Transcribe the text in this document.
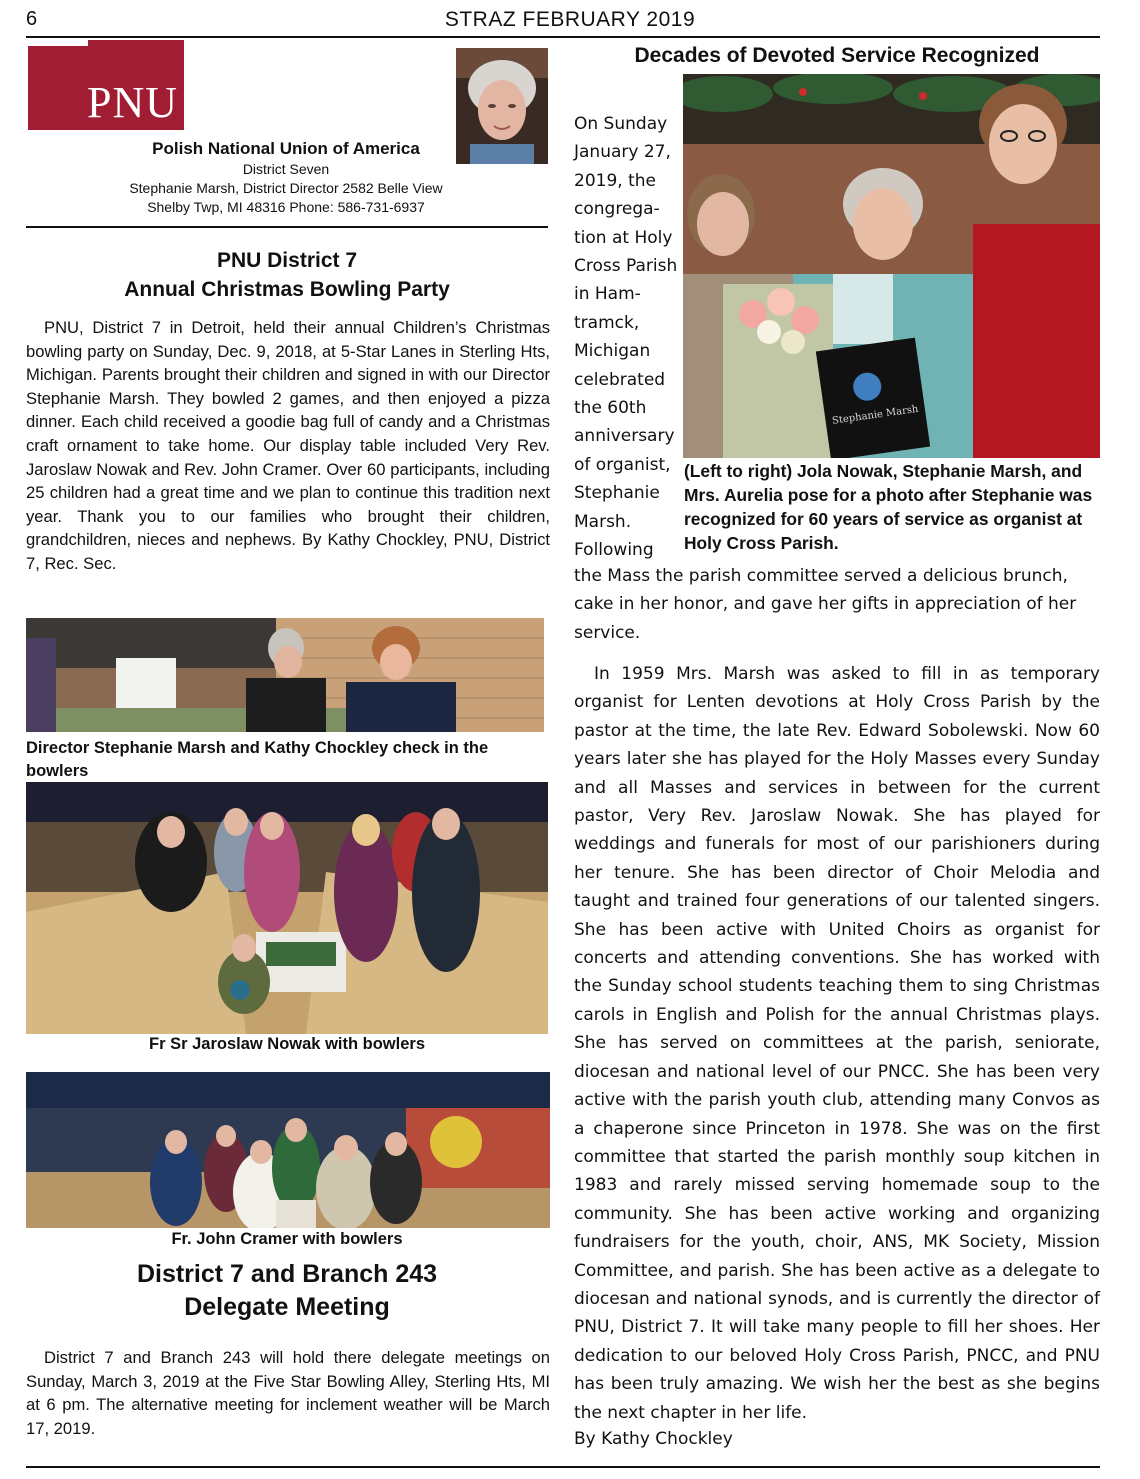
6	STRAZ FEBRUARY 2019
PNU
Polish National Union of America
District Seven
Stephanie Marsh, District Director 2582 Belle View
Shelby Twp, MI 48316 Phone: 586-731-6937
PNU District 7
Annual Christmas Bowling Party
PNU, District 7 in Detroit, held their annual Children’s Christmas bowling party on Sunday, Dec. 9, 2018, at 5-Star Lanes in Sterling Hts, Michigan. Parents brought their children and signed in with our Director Stephanie Marsh. They bowled 2 games, and then enjoyed a pizza dinner. Each child received a goodie bag full of candy and a Christmas craft ornament to take home. Our display table included Very Rev. Jaroslaw Nowak and Rev. John Cramer. Over 60 participants, including 25 children had a great time and we plan to continue this tradition next year. Thank you to our families who brought their children, grandchildren, nieces and nephews. By Kathy Chockley, PNU, District 7, Rec. Sec.
Director Stephanie Marsh and Kathy Chockley check in the bowlers
Fr Sr Jaroslaw Nowak with bowlers
Fr. John Cramer with bowlers
District 7 and Branch 243
Delegate Meeting
District 7 and Branch 243 will hold there delegate meetings on Sunday, March 3, 2019 at the Five Star Bowling Alley, Sterling Hts, MI at 6 pm. The alternative meeting for inclement weather will be March 17, 2019.
Decades of Devoted Service Recognized
On Sunday
January 27,
2019, the
congrega-
tion at Holy
Cross Parish
in Ham-
tramck,
Michigan
celebrated
the 60th
anniversary
of organist,
Stephanie
Marsh.
Following
Stephanie Marsh
(Left to right) Jola Nowak, Stephanie Marsh, and Mrs. Aurelia pose for a photo after Stephanie was recognized for 60 years of service as organist at Holy Cross Parish.
the Mass the parish committee served a delicious brunch, cake in her honor, and gave her gifts in appreciation of her service.
In 1959 Mrs. Marsh was asked to fill in as temporary organist for Lenten devotions at Holy Cross Parish by the pastor at the time, the late Rev. Edward Sobolewski. Now 60 years later she has played for the Holy Masses every Sunday and all Masses and services in between for the current pastor, Very Rev. Jaroslaw Nowak. She has played for weddings and funerals for most of our parishioners during her tenure. She has been director of Choir Melodia and taught and trained four generations of our talented singers. She has been active with United Choirs as organist for concerts and attending conventions. She has worked with the Sunday school students teaching them to sing Christmas carols in English and Polish for the annual Christmas plays. She has served on committees at the parish, seniorate, diocesan and national level of our PNCC. She has been very active with the parish youth club, attending many Convos as a chaperone since Princeton in 1978. She was on the first committee that started the parish monthly soup kitchen in 1983 and rarely missed serving homemade soup to the community. She has been active working and organizing fundraisers for the youth, choir, ANS, MK Society, Mission Committee, and parish. She has been active as a delegate to diocesan and national synods, and is currently the director of PNU, District 7. It will take many people to fill her shoes. Her dedication to our beloved Holy Cross Parish, PNCC, and PNU has been truly amazing. We wish her the best as she begins the next chapter in her life.
By Kathy Chockley
